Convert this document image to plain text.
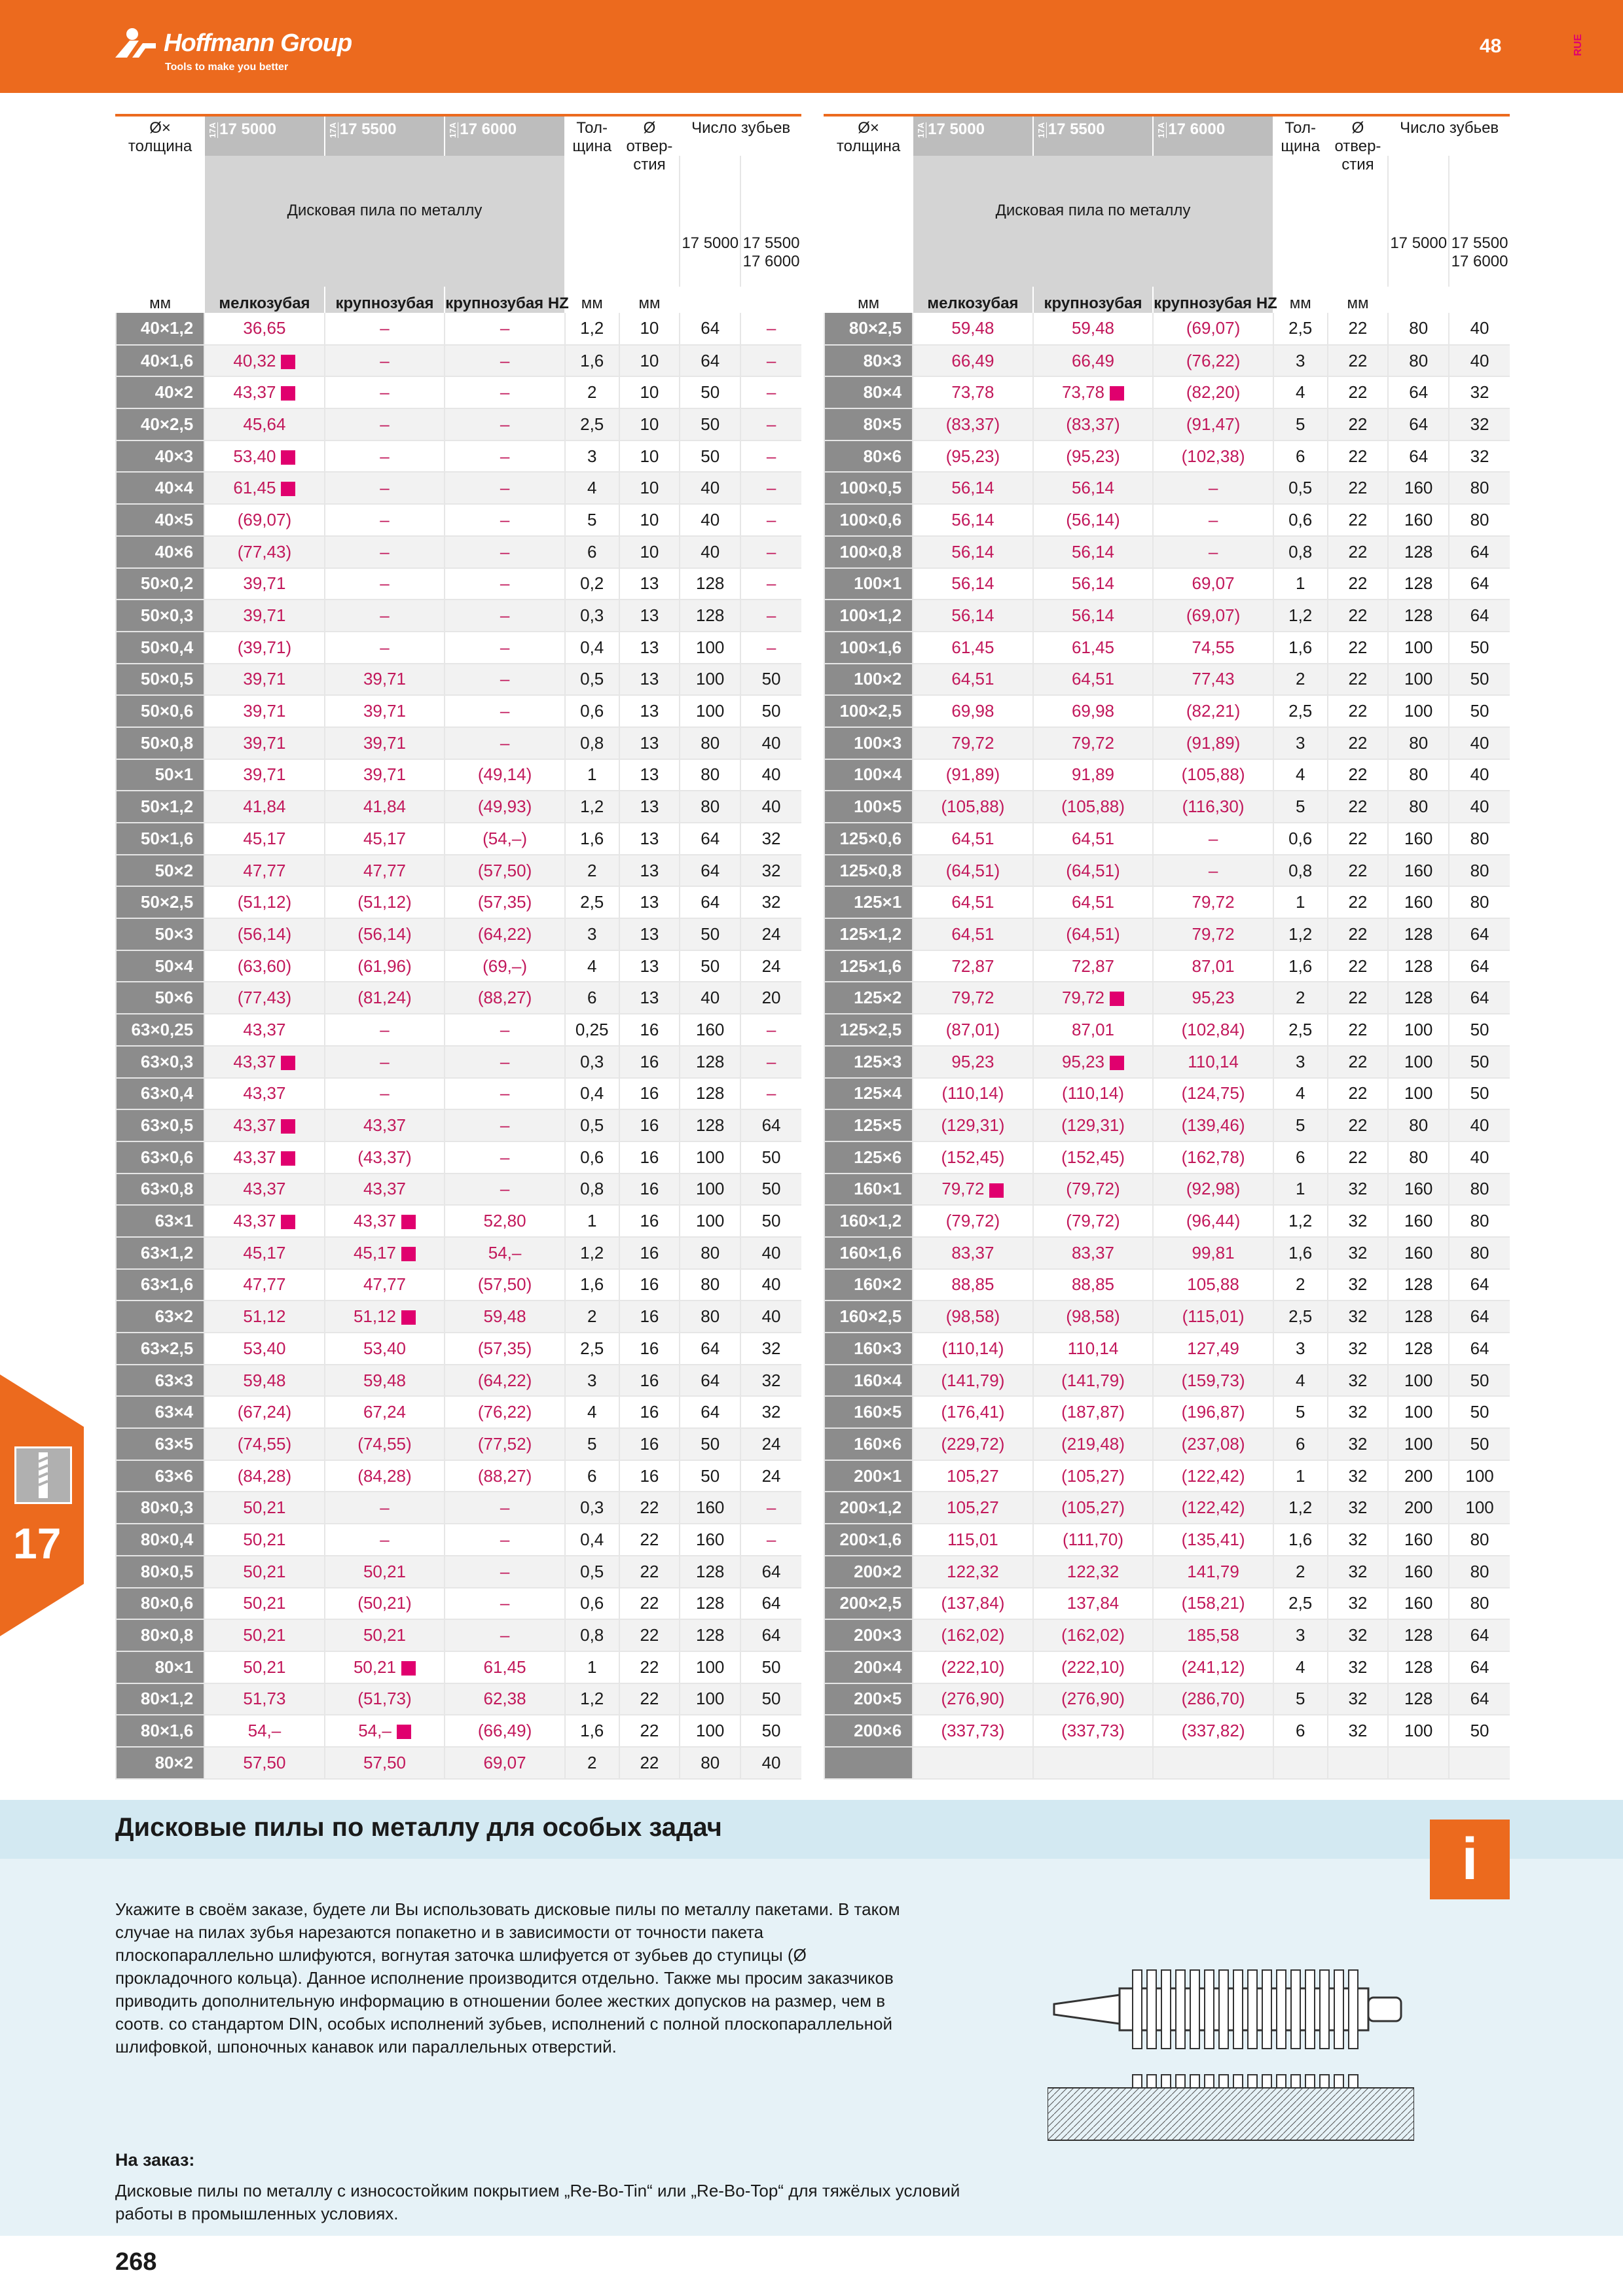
Hoffmann Group
Tools to make you better
48	RUE
Ø×
толщина	17A 17 5000	17A 17 5500	17A 17 6000	Тол-
щина	Ø
отвер-
стия	Число зубьев	
	Дисковая пила по металлу					17 5000	17 5500
17 6000
мм	мелкозубая	крупнозубая	крупнозубая HZ	мм	мм		
40×1,2	36,65	–	–	1,2	10	64	–
40×1,6	40,32	–	–	1,6	10	64	–
40×2	43,37	–	–	2	10	50	–
40×2,5	45,64	–	–	2,5	10	50	–
40×3	53,40	–	–	3	10	50	–
40×4	61,45	–	–	4	10	40	–
40×5	(69,07)	–	–	5	10	40	–
40×6	(77,43)	–	–	6	10	40	–
50×0,2	39,71	–	–	0,2	13	128	–
50×0,3	39,71	–	–	0,3	13	128	–
50×0,4	(39,71)	–	–	0,4	13	100	–
50×0,5	39,71	39,71	–	0,5	13	100	50
50×0,6	39,71	39,71	–	0,6	13	100	50
50×0,8	39,71	39,71	–	0,8	13	80	40
50×1	39,71	39,71	(49,14)	1	13	80	40
50×1,2	41,84	41,84	(49,93)	1,2	13	80	40
50×1,6	45,17	45,17	(54,–)	1,6	13	64	32
50×2	47,77	47,77	(57,50)	2	13	64	32
50×2,5	(51,12)	(51,12)	(57,35)	2,5	13	64	32
50×3	(56,14)	(56,14)	(64,22)	3	13	50	24
50×4	(63,60)	(61,96)	(69,–)	4	13	50	24
50×6	(77,43)	(81,24)	(88,27)	6	13	40	20
63×0,25	43,37	–	–	0,25	16	160	–
63×0,3	43,37	–	–	0,3	16	128	–
63×0,4	43,37	–	–	0,4	16	128	–
63×0,5	43,37	43,37	–	0,5	16	128	64
63×0,6	43,37	(43,37)	–	0,6	16	100	50
63×0,8	43,37	43,37	–	0,8	16	100	50
63×1	43,37	43,37	52,80	1	16	100	50
63×1,2	45,17	45,17	54,–	1,2	16	80	40
63×1,6	47,77	47,77	(57,50)	1,6	16	80	40
63×2	51,12	51,12	59,48	2	16	80	40
63×2,5	53,40	53,40	(57,35)	2,5	16	64	32
63×3	59,48	59,48	(64,22)	3	16	64	32
63×4	(67,24)	67,24	(76,22)	4	16	64	32
63×5	(74,55)	(74,55)	(77,52)	5	16	50	24
63×6	(84,28)	(84,28)	(88,27)	6	16	50	24
80×0,3	50,21	–	–	0,3	22	160	–
80×0,4	50,21	–	–	0,4	22	160	–
80×0,5	50,21	50,21	–	0,5	22	128	64
80×0,6	50,21	(50,21)	–	0,6	22	128	64
80×0,8	50,21	50,21	–	0,8	22	128	64
80×1	50,21	50,21	61,45	1	22	100	50
80×1,2	51,73	(51,73)	62,38	1,2	22	100	50
80×1,6	54,–	54,–	(66,49)	1,6	22	100	50
80×2	57,50	57,50	69,07	2	22	80	40
Ø×
толщина	17A 17 5000	17A 17 5500	17A 17 6000	Тол-
щина	Ø
отвер-
стия	Число зубьев	
	Дисковая пила по металлу					17 5000	17 5500
17 6000
мм	мелкозубая	крупнозубая	крупнозубая HZ	мм	мм		
80×2,5	59,48	59,48	(69,07)	2,5	22	80	40
80×3	66,49	66,49	(76,22)	3	22	80	40
80×4	73,78	73,78	(82,20)	4	22	64	32
80×5	(83,37)	(83,37)	(91,47)	5	22	64	32
80×6	(95,23)	(95,23)	(102,38)	6	22	64	32
100×0,5	56,14	56,14	–	0,5	22	160	80
100×0,6	56,14	(56,14)	–	0,6	22	160	80
100×0,8	56,14	56,14	–	0,8	22	128	64
100×1	56,14	56,14	69,07	1	22	128	64
100×1,2	56,14	56,14	(69,07)	1,2	22	128	64
100×1,6	61,45	61,45	74,55	1,6	22	100	50
100×2	64,51	64,51	77,43	2	22	100	50
100×2,5	69,98	69,98	(82,21)	2,5	22	100	50
100×3	79,72	79,72	(91,89)	3	22	80	40
100×4	(91,89)	91,89	(105,88)	4	22	80	40
100×5	(105,88)	(105,88)	(116,30)	5	22	80	40
125×0,6	64,51	64,51	–	0,6	22	160	80
125×0,8	(64,51)	(64,51)	–	0,8	22	160	80
125×1	64,51	64,51	79,72	1	22	160	80
125×1,2	64,51	(64,51)	79,72	1,2	22	128	64
125×1,6	72,87	72,87	87,01	1,6	22	128	64
125×2	79,72	79,72	95,23	2	22	128	64
125×2,5	(87,01)	87,01	(102,84)	2,5	22	100	50
125×3	95,23	95,23	110,14	3	22	100	50
125×4	(110,14)	(110,14)	(124,75)	4	22	100	50
125×5	(129,31)	(129,31)	(139,46)	5	22	80	40
125×6	(152,45)	(152,45)	(162,78)	6	22	80	40
160×1	79,72	(79,72)	(92,98)	1	32	160	80
160×1,2	(79,72)	(79,72)	(96,44)	1,2	32	160	80
160×1,6	83,37	83,37	99,81	1,6	32	160	80
160×2	88,85	88,85	105,88	2	32	128	64
160×2,5	(98,58)	(98,58)	(115,01)	2,5	32	128	64
160×3	(110,14)	110,14	127,49	3	32	128	64
160×4	(141,79)	(141,79)	(159,73)	4	32	100	50
160×5	(176,41)	(187,87)	(196,87)	5	32	100	50
160×6	(229,72)	(219,48)	(237,08)	6	32	100	50
200×1	105,27	(105,27)	(122,42)	1	32	200	100
200×1,2	105,27	(105,27)	(122,42)	1,2	32	200	100
200×1,6	115,01	(111,70)	(135,41)	1,6	32	160	80
200×2	122,32	122,32	141,79	2	32	160	80
200×2,5	(137,84)	137,84	(158,21)	2,5	32	160	80
200×3	(162,02)	(162,02)	185,58	3	32	128	64
200×4	(222,10)	(222,10)	(241,12)	4	32	128	64
200×5	(276,90)	(276,90)	(286,70)	5	32	128	64
200×6	(337,73)	(337,73)	(337,82)	6	32	100	50

17
Дисковые пилы по металлу для особых задач	i
Укажите в своём заказе, будете ли Вы использовать дисковые пилы по металлу пакетами. В таком случае на пилах зубья нарезаются попакетно и в зависимости от точности пакета плоскопараллельно шлифуются, вогнутая заточка шлифуется от зубьев до ступицы (Ø прокладочного кольца). Данное исполнение производится отдельно. Также мы просим заказчиков приводить дополнительную информацию в отношении более жестких допусков на размер, чем в соотв. со стандартом DIN, особых исполнений зубьев, исполнений с полной плоскопараллельной шлифовкой, шпоночных канавок или параллельных отверстий.
На заказ:
Дисковые пилы по металлу с износостойким покрытием „Re-Bo-Tin“ или „Re-Bo-Top“ для тяжёлых условий работы в промышленных условиях.
268
